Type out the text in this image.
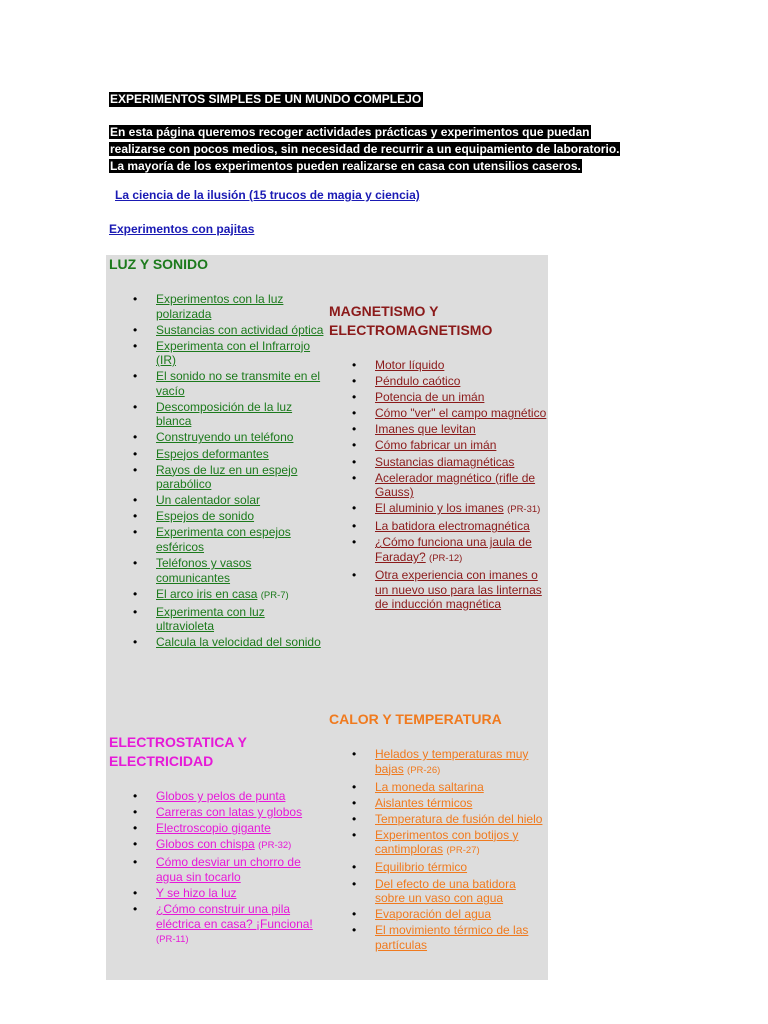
EXPERIMENTOS SIMPLES DE UN MUNDO COMPLEJO
En esta página queremos recoger actividades prácticas y experimentos que puedan
realizarse con pocos medios, sin necesidad de recurrir a un equipamiento de laboratorio.
La mayoría de los experimentos pueden realizarse en casa con utensilios caseros.
La ciencia de la ilusión (15 trucos de magia y ciencia)
Experimentos con pajitas
LUZ Y SONIDO
• Experimentos con la luz polarizada
• Sustancias con actividad óptica
• Experimenta con el Infrarrojo (IR)
• El sonido no se transmite en el vacío
• Descomposición de la luz blanca
• Construyendo un teléfono
• Espejos deformantes
• Rayos de luz en un espejo parabólico
• Un calentador solar
• Espejos de sonido
• Experimenta con espejos esféricos
• Teléfonos y vasos comunicantes
• El arco iris en casa (PR-7)
• Experimenta con luz ultravioleta
• Calcula la velocidad del sonido
MAGNETISMO Y ELECTROMAGNETISMO
• Motor líquido
• Péndulo caótico
• Potencia de un imán
• Cómo "ver" el campo magnético
• Imanes que levitan
• Cómo fabricar un imán
• Sustancias diamagnéticas
• Acelerador magnético (rifle de Gauss)
• El aluminio y los imanes (PR-31)
• La batidora electromagnética
• ¿Cómo funciona una jaula de Faraday? (PR-12)
• Otra experiencia con imanes o un nuevo uso para las linternas de inducción magnética
ELECTROSTATICA Y ELECTRICIDAD
• Globos y pelos de punta
• Carreras con latas y globos
• Electroscopio gigante
• Globos con chispa (PR-32)
• Cómo desviar un chorro de agua sin tocarlo
• Y se hizo la luz
• ¿Cómo construir una pila eléctrica en casa? ¡Funciona! (PR-11)
CALOR Y TEMPERATURA
• Helados y temperaturas muy bajas (PR-26)
• La moneda saltarina
• Aislantes térmicos
• Temperatura de fusión del hielo
• Experimentos con botijos y cantimploras (PR-27)
• Equilibrio térmico
• Del efecto de una batidora sobre un vaso con agua
• Evaporación del agua
• El movimiento térmico de las partículas
